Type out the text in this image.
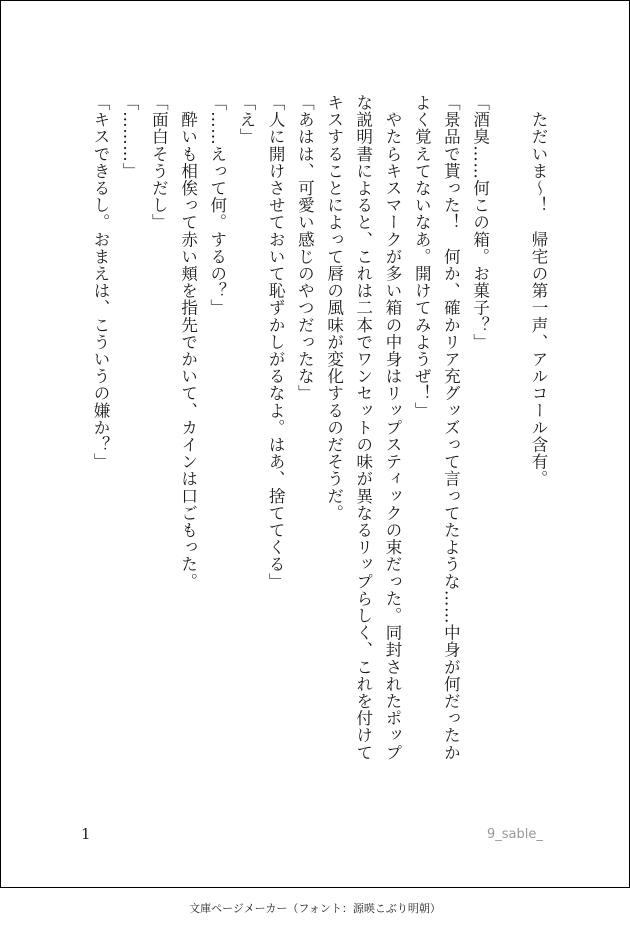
　ただいま〜！　帰宅の第一声、アルコール含有。
「酒臭……何この箱。お菓子？」
「景品で貰った！　何か、確かリア充グッズって言ってたような……中身が何だったか
よく覚えてないなあ。開けてみようぜ！」
　やたらキスマークが多い箱の中身はリップスティックの束だった。同封されたポップ
な説明書によると、これは二本でワンセットの味が異なるリップらしく、これを付けて
キスすることによって唇の風味が変化するのだそうだ。
「あはは、可愛い感じのやつだったな」
「人に開けさせておいて恥ずかしがるなよ。はあ、捨ててくる」
「え」
「……えって何。するの？」
　酔いも相俟って赤い頬を指先でかいて、カインは口ごもった。
「面白そうだし」
「………」
「キスできるし。おまえは、こういうの嫌か？」
1	9_sable_
文庫ページメーカー（フォント：源暎こぶり明朝）
